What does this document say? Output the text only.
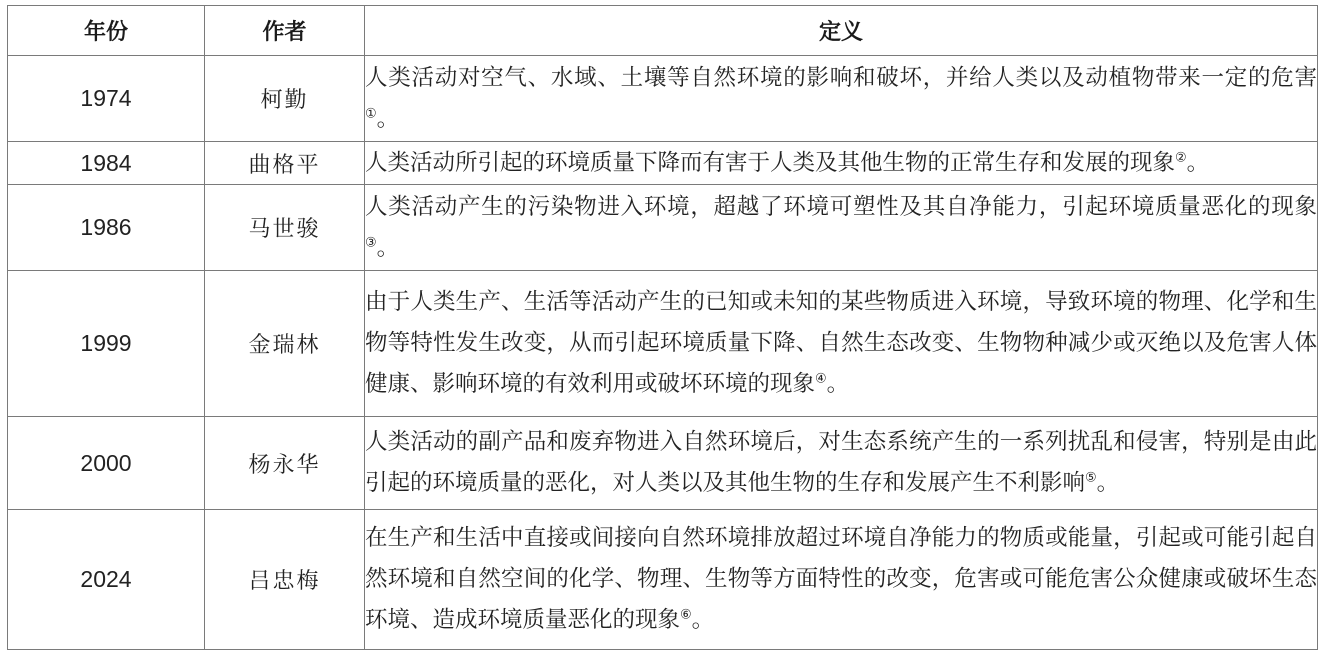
年份	作者	定义
1974	柯勤	人类活动对空气、水域、土壤等自然环境的影响和破坏，并给人类以及动植物带来一定的危害①。
1984	曲格平	人类活动所引起的环境质量下降而有害于人类及其他生物的正常生存和发展的现象②。
1986	马世骏	人类活动产生的污染物进入环境，超越了环境可塑性及其自净能力，引起环境质量恶化的现象③。
1999	金瑞林	由于人类生产、生活等活动产生的已知或未知的某些物质进入环境，导致环境的物理、化学和生物等特性发生改变，从而引起环境质量下降、自然生态改变、生物物种减少或灭绝以及危害人体健康、影响环境的有效利用或破坏环境的现象④。
2000	杨永华	人类活动的副产品和废弃物进入自然环境后，对生态系统产生的一系列扰乱和侵害，特别是由此引起的环境质量的恶化，对人类以及其他生物的生存和发展产生不利影响⑤。
2024	吕忠梅	在生产和生活中直接或间接向自然环境排放超过环境自净能力的物质或能量，引起或可能引起自然环境和自然空间的化学、物理、生物等方面特性的改变，危害或可能危害公众健康或破坏生态环境、造成环境质量恶化的现象⑥。
